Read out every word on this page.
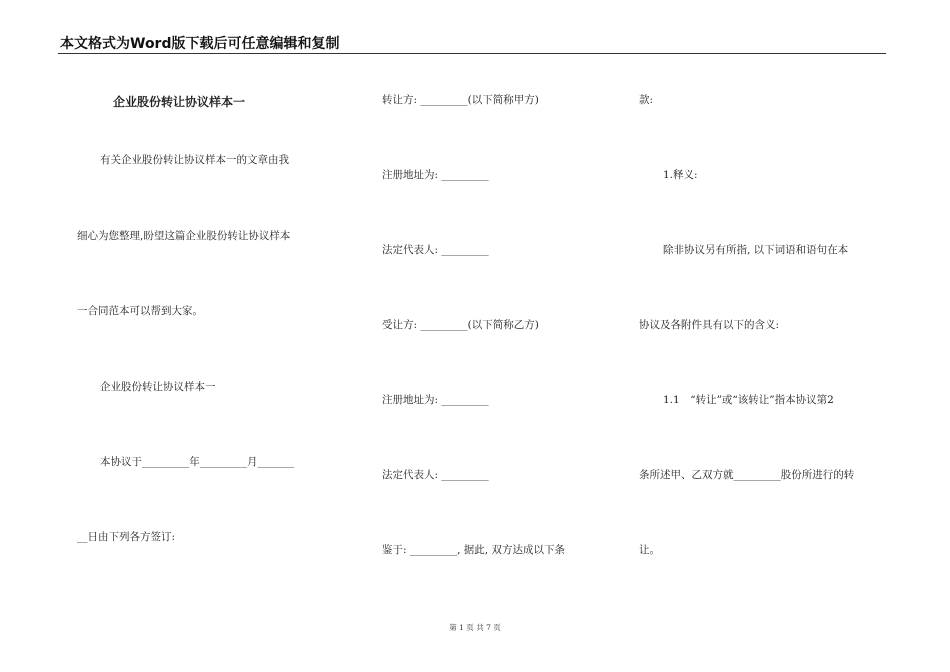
本文格式为Word版下载后可任意编辑和复制
企业股份转让协议样本一
有关企业股份转让协议样本一的文章由我
细心为您整理,盼望这篇企业股份转让协议样本
一合同范本可以帮到大家。
企业股份转让协议样本一
本协议于_________年_________月_______
__日由下列各方签订:
转让方: _________(以下简称甲方)
注册地址为: _________
法定代表人: _________
受让方: _________(以下简称乙方)
注册地址为: _________
法定代表人: _________
鉴于: _________, 据此, 双方达成以下条
款:
1.释义:
除非协议另有所指, 以下词语和语句在本
协议及各附件具有以下的含义:
1.1　“转让”或“该转让”指本协议第2
条所述甲、乙双方就_________股份所进行的转
让。
第 1 页 共 7 页
